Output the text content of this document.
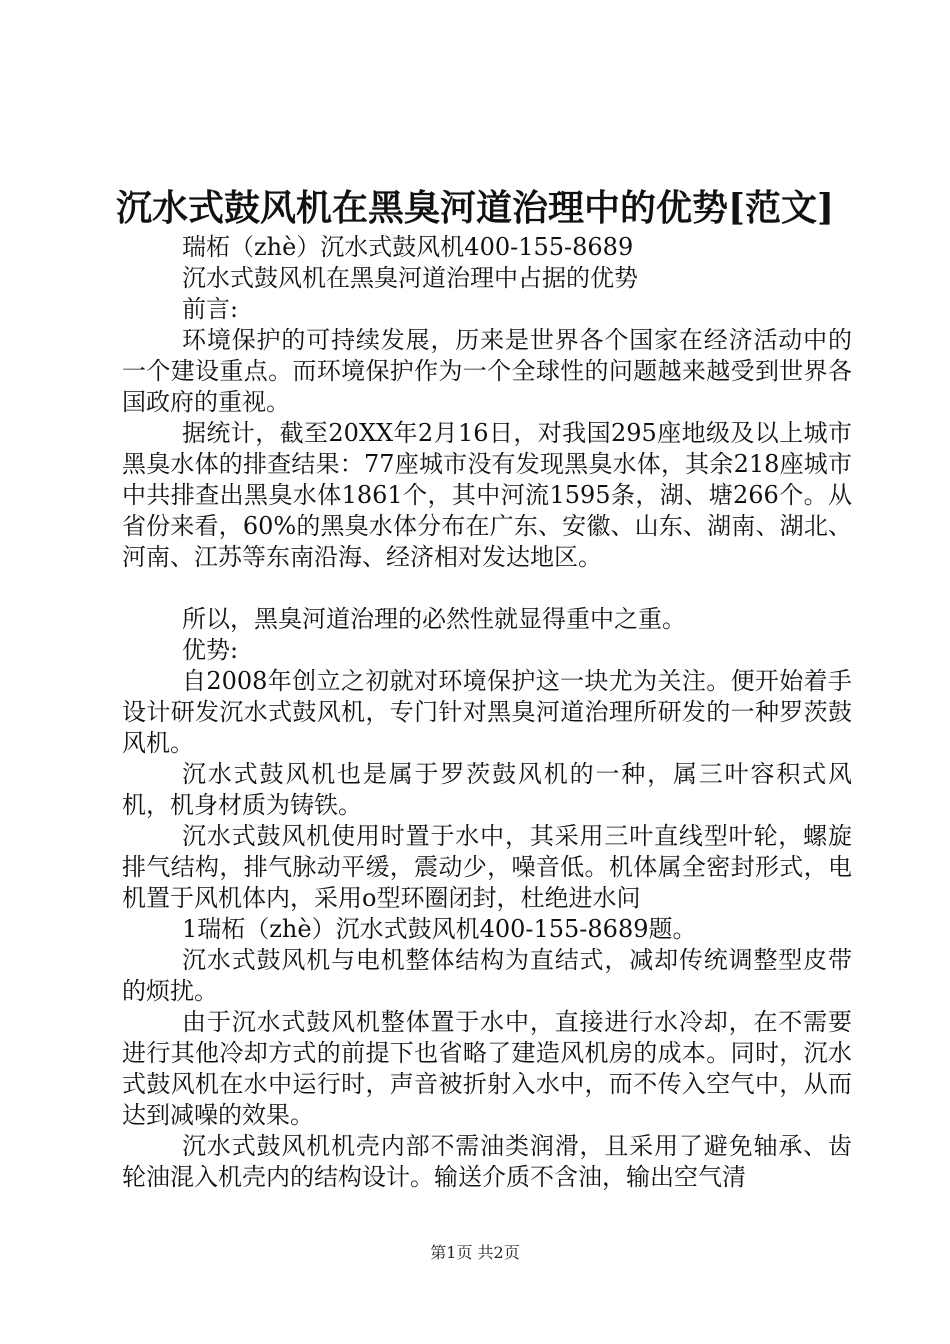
沉水式鼓风机在黑臭河道治理中的优势[范文]

瑞柘（zhè）沉水式鼓风机400-155-8689

沉水式鼓风机在黑臭河道治理中占据的优势

前言:

环境保护的可持续发展，历来是世界各个国家在经济活动中的一个建设重点。而环境保护作为一个全球性的问题越来越受到世界各国政府的重视。

据统计，截至20XX年2月16日，对我国295座地级及以上城市黑臭水体的排查结果：77座城市没有发现黑臭水体，其余218座城市中共排查出黑臭水体1861个，其中河流1595条，湖、塘266个。从省份来看，60%的黑臭水体分布在广东、安徽、山东、湖南、湖北、河南、江苏等东南沿海、经济相对发达地区。

所以，黑臭河道治理的必然性就显得重中之重。

优势:

自2008年创立之初就对环境保护这一块尤为关注。便开始着手设计研发沉水式鼓风机，专门针对黑臭河道治理所研发的一种罗茨鼓风机。

沉水式鼓风机也是属于罗茨鼓风机的一种，属三叶容积式风机，机身材质为铸铁。

沉水式鼓风机使用时置于水中，其采用三叶直线型叶轮，螺旋排气结构，排气脉动平缓，震动少，噪音低。机体属全密封形式，电机置于风机体内，采用o型环圈闭封，杜绝进水问

1瑞柘（zhè）沉水式鼓风机400-155-8689题。

沉水式鼓风机与电机整体结构为直结式，减却传统调整型皮带的烦扰。

由于沉水式鼓风机整体置于水中，直接进行水冷却，在不需要进行其他冷却方式的前提下也省略了建造风机房的成本。同时，沉水式鼓风机在水中运行时，声音被折射入水中，而不传入空气中，从而达到减噪的效果。

沉水式鼓风机机壳内部不需油类润滑，且采用了避免轴承、齿轮油混入机壳内的结构设计。输送介质不含油，输出空气清

第1页 共2页
